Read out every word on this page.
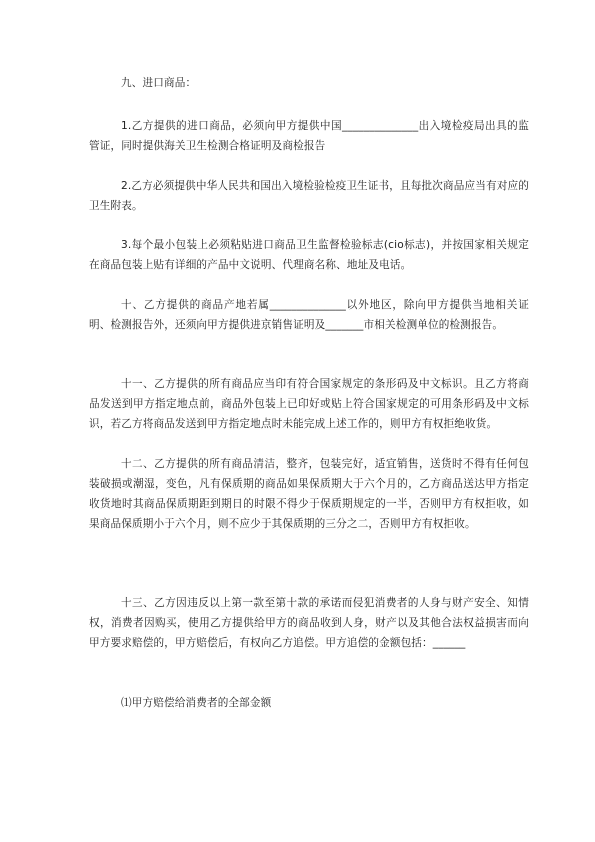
九、进口商品：

1.乙方提供的进口商品，必须向甲方提供中国______________出入境检疫局出具的监管证，同时提供海关卫生检测合格证明及商检报告

2.乙方必须提供中华人民共和国出入境检验检疫卫生证书，且每批次商品应当有对应的卫生附表。

3.每个最小包装上必须粘贴进口商品卫生监督检验标志(cio标志)，并按国家相关规定在商品包装上贴有详细的产品中文说明、代理商名称、地址及电话。

十、乙方提供的商品产地若属______________以外地区，除向甲方提供当地相关证明、检测报告外，还须向甲方提供进京销售证明及_______市相关检测单位的检测报告。

十一、乙方提供的所有商品应当印有符合国家规定的条形码及中文标识。且乙方将商品发送到甲方指定地点前，商品外包装上已印好或贴上符合国家规定的可用条形码及中文标识，若乙方将商品发送到甲方指定地点时未能完成上述工作的，则甲方有权拒绝收货。

十二、乙方提供的所有商品清洁，整齐，包装完好，适宜销售，送货时不得有任何包装破损或潮湿，变色，凡有保质期的商品如果保质期大于六个月的，乙方商品送达甲方指定收货地时其商品保质期距到期日的时限不得少于保质期规定的一半，否则甲方有权拒收，如果商品保质期小于六个月，则不应少于其保质期的三分之二，否则甲方有权拒收。

十三、乙方因违反以上第一款至第十款的承诺而侵犯消费者的人身与财产安全、知情权，消费者因购买，使用乙方提供给甲方的商品收到人身，财产以及其他合法权益损害而向甲方要求赔偿的，甲方赔偿后，有权向乙方追偿。甲方追偿的金额包括：______

⑴甲方赔偿给消费者的全部金额
